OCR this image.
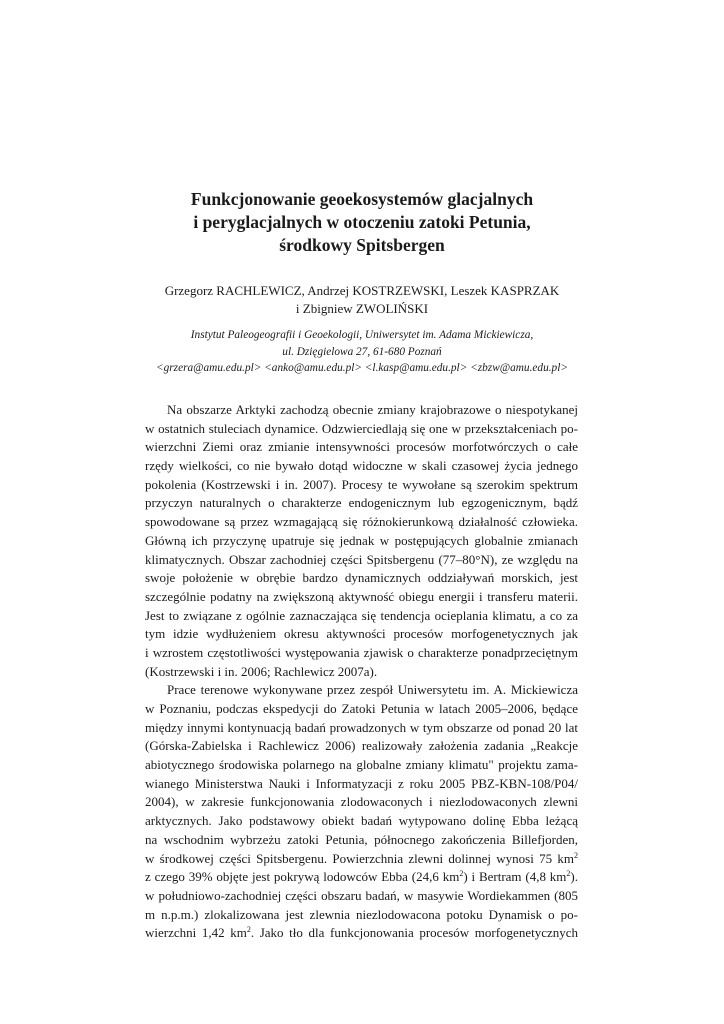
Funkcjonowanie geoekosystemów glacjalnych
i peryglacjalnych w otoczeniu zatoki Petunia,
środkowy Spitsbergen
Grzegorz RACHLEWICZ, Andrzej KOSTRZEWSKI, Leszek KASPRZAK
i Zbigniew ZWOLIŃSKI
Instytut Paleogeografii i Geoekologii, Uniwersytet im. Adama Mickiewicza,
ul. Dzięgielowa 27, 61-680 Poznań
<grzera@amu.edu.pl> <anko@amu.edu.pl> <l.kasp@amu.edu.pl> <zbzw@amu.edu.pl>
Na obszarze Arktyki zachodzą obecnie zmiany krajobrazowe o niespotykanej
w ostatnich stuleciach dynamice. Odzwierciedlają się one w przekształceniach po-
wierzchni Ziemi oraz zmianie intensywności procesów morfotwórczych o całe
rzędy wielkości, co nie bywało dotąd widoczne w skali czasowej życia jednego
pokolenia (Kostrzewski i in. 2007). Procesy te wywołane są szerokim spektrum
przyczyn naturalnych o charakterze endogenicznym lub egzogenicznym, bądź
spowodowane są przez wzmagającą się różnokierunkową działalność człowieka.
Główną ich przyczynę upatruje się jednak w postępujących globalnie zmianach
klimatycznych. Obszar zachodniej części Spitsbergenu (77–80°N), ze względu na
swoje położenie w obrębie bardzo dynamicznych oddziaływań morskich, jest
szczególnie podatny na zwiększoną aktywność obiegu energii i transferu materii.
Jest to związane z ogólnie zaznaczająca się tendencja ocieplania klimatu, a co za
tym idzie wydłużeniem okresu aktywności procesów morfogenetycznych jak
i wzrostem częstotliwości występowania zjawisk o charakterze ponadprzeciętnym
(Kostrzewski i in. 2006; Rachlewicz 2007a).
Prace terenowe wykonywane przez zespół Uniwersytetu im. A. Mickiewicza
w Poznaniu, podczas ekspedycji do Zatoki Petunia w latach 2005–2006, będące
między innymi kontynuacją badań prowadzonych w tym obszarze od ponad 20 lat
(Górska-Zabielska i Rachlewicz 2006) realizowały założenia zadania „Reakcje
abiotycznego środowiska polarnego na globalne zmiany klimatu" projektu zama-
wianego Ministerstwa Nauki i Informatyzacji z roku 2005 PBZ-KBN-108/P04/
2004), w zakresie funkcjonowania zlodowaconych i niezlodowaconych zlewni
arktycznych. Jako podstawowy obiekt badań wytypowano dolinę Ebba leżącą
na wschodnim wybrzeżu zatoki Petunia, północnego zakończenia Billefjorden,
w środkowej części Spitsbergenu. Powierzchnia zlewni dolinnej wynosi 75 $km^2$
z czego 39% objęte jest pokrywą lodowców Ebba (24,6 $km^2$) i Bertram (4,8 $km^2$).
w południowo-zachodniej części obszaru badań, w masywie Wordiekammen (805
m n.p.m.) zlokalizowana jest zlewnia niezlodowacona potoku Dynamisk o po-
wierzchni 1,42 $km^2$. Jako tło dla funkcjonowania procesów morfogenetycznych
